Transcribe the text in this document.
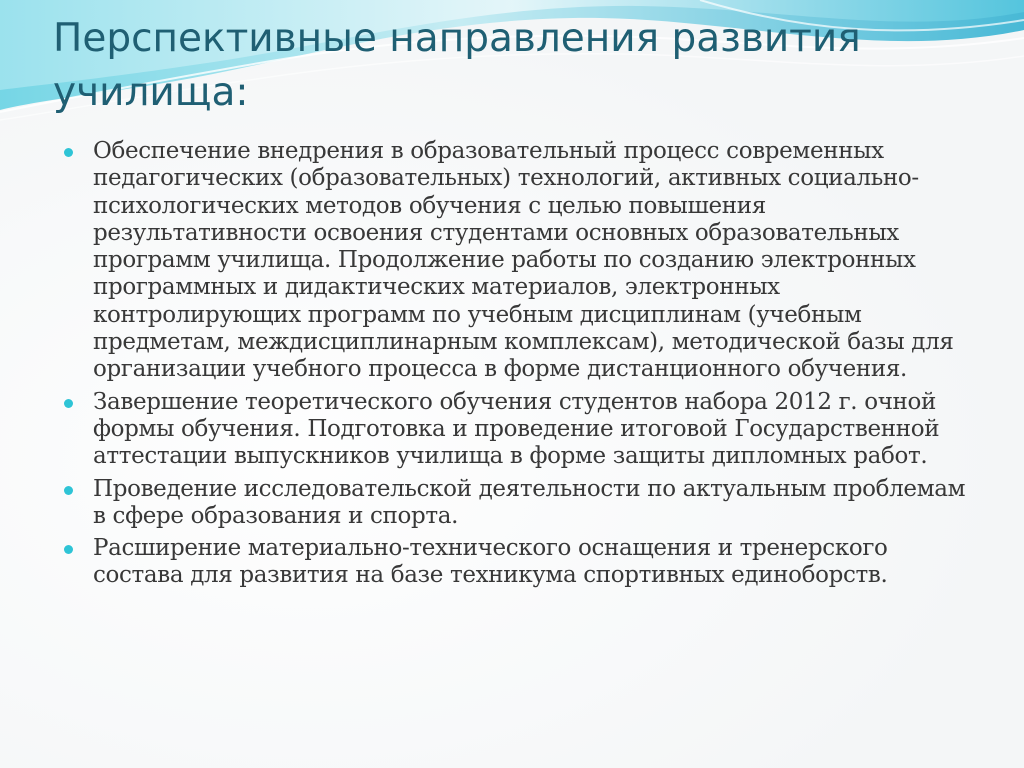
Перспективные направления развития училища:
Обеспечение внедрения в образовательный процесс современных педагогических (образовательных) технологий, активных социально-психологических методов обучения с целью повышения результативности освоения студентами основных образовательных программ училища. Продолжение работы по созданию электронных программных и дидактических материалов, электронных контролирующих программ по учебным дисциплинам (учебным предметам, междисциплинарным комплексам), методической базы для организации учебного процесса в форме дистанционного обучения.
Завершение теоретического обучения студентов набора 2012 г. очной формы обучения. Подготовка и проведение итоговой Государственной аттестации выпускников училища в форме защиты дипломных работ.
Проведение исследовательской деятельности по актуальным проблемам в сфере образования и спорта.
Расширение материально-технического оснащения и тренерского состава для развития на базе техникума спортивных единоборств.
